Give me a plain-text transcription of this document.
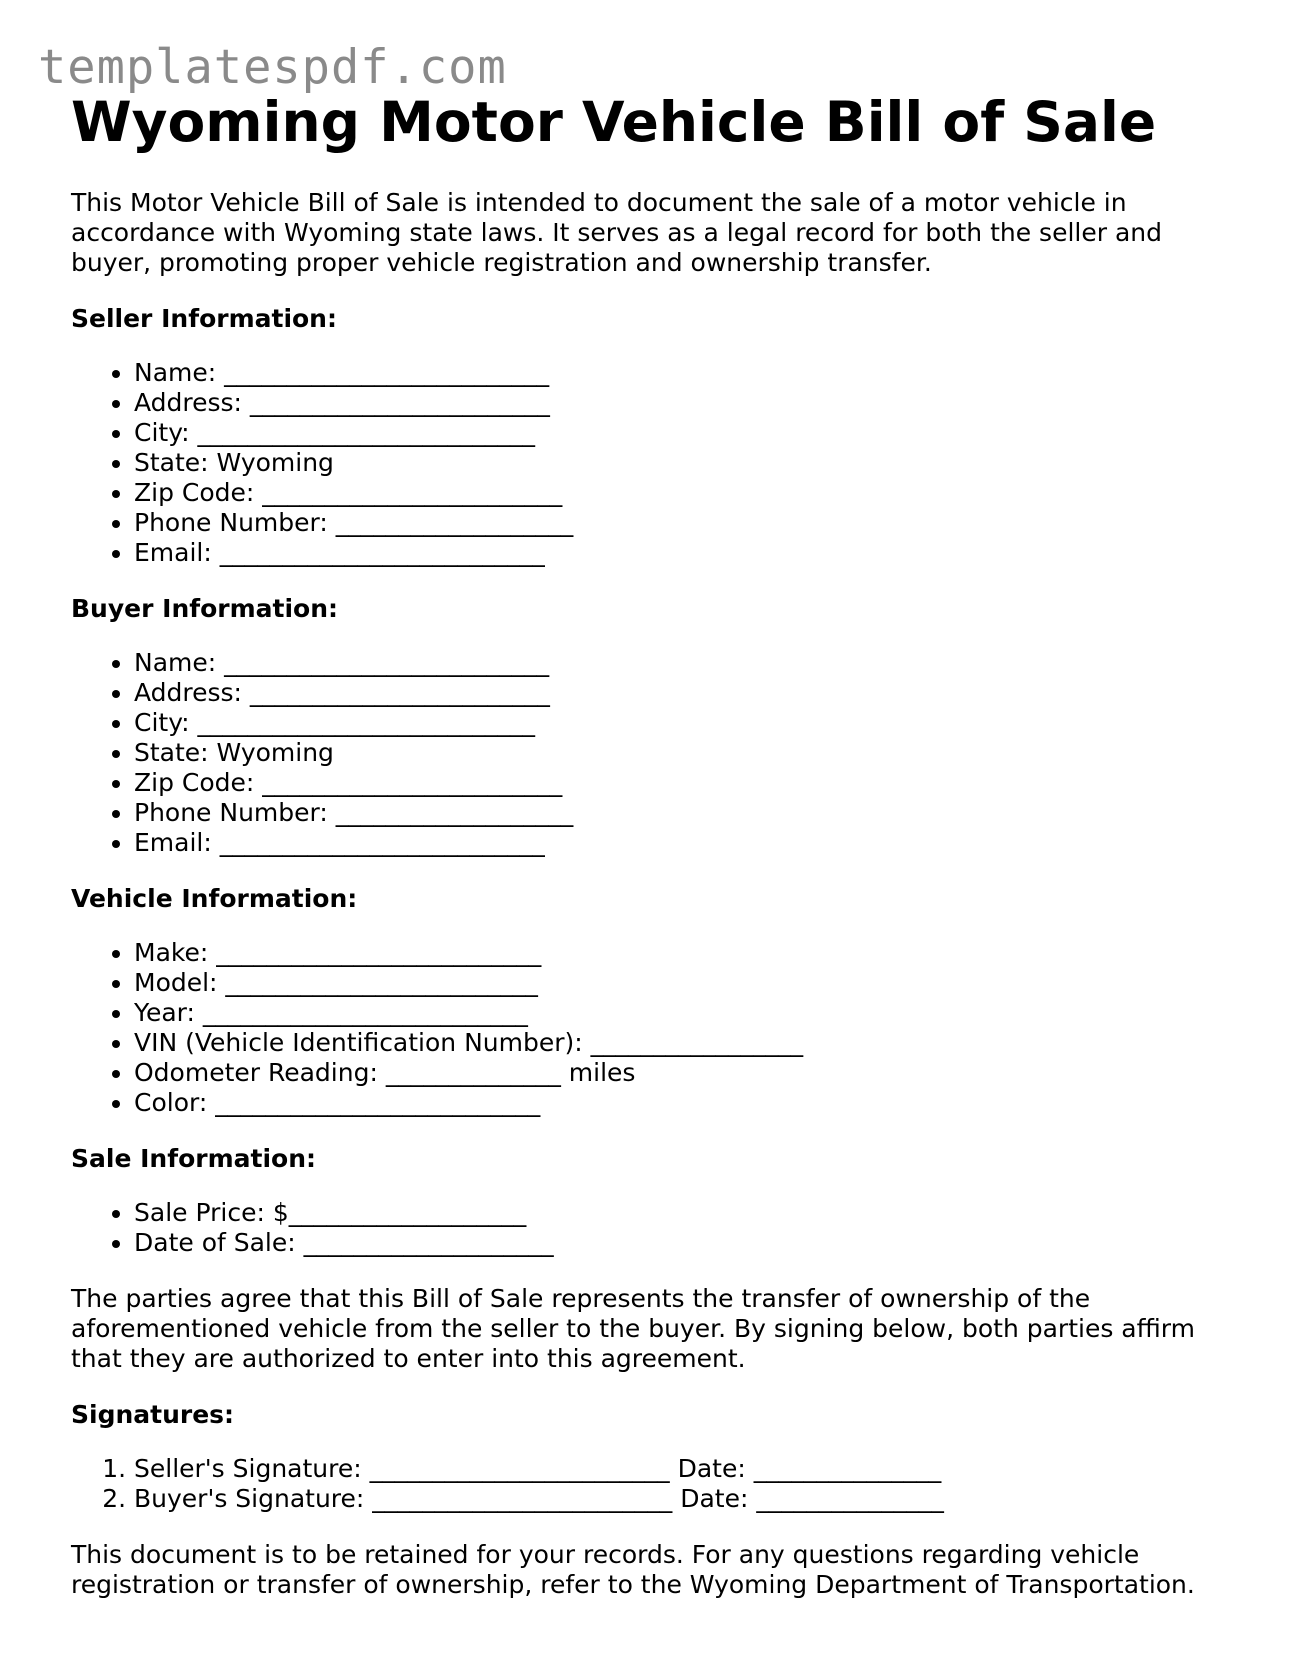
templatespdf.com
Wyoming Motor Vehicle Bill of Sale

This Motor Vehicle Bill of Sale is intended to document the sale of a motor vehicle in accordance with Wyoming state laws. It serves as a legal record for both the seller and buyer, promoting proper vehicle registration and ownership transfer.

Seller Information:
• Name: __________________________
• Address: ________________________
• City: ___________________________
• State: Wyoming
• Zip Code: ________________________
• Phone Number: ___________________
• Email: __________________________
Buyer Information:
• Name: __________________________
• Address: ________________________
• City: ___________________________
• State: Wyoming
• Zip Code: ________________________
• Phone Number: ___________________
• Email: __________________________
Vehicle Information:
• Make: __________________________
• Model: _________________________
• Year: __________________________
• VIN (Vehicle Identification Number): _________________
• Odometer Reading: ______________ miles
• Color: __________________________
Sale Information:
• Sale Price: $___________________
• Date of Sale: ____________________

The parties agree that this Bill of Sale represents the transfer of ownership of the aforementioned vehicle from the seller to the buyer. By signing below, both parties affirm that they are authorized to enter into this agreement.

Signatures:
1. Seller's Signature: ________________________ Date: _______________
2. Buyer's Signature: ________________________ Date: _______________

This document is to be retained for your records. For any questions regarding vehicle registration or transfer of ownership, refer to the Wyoming Department of Transportation.
